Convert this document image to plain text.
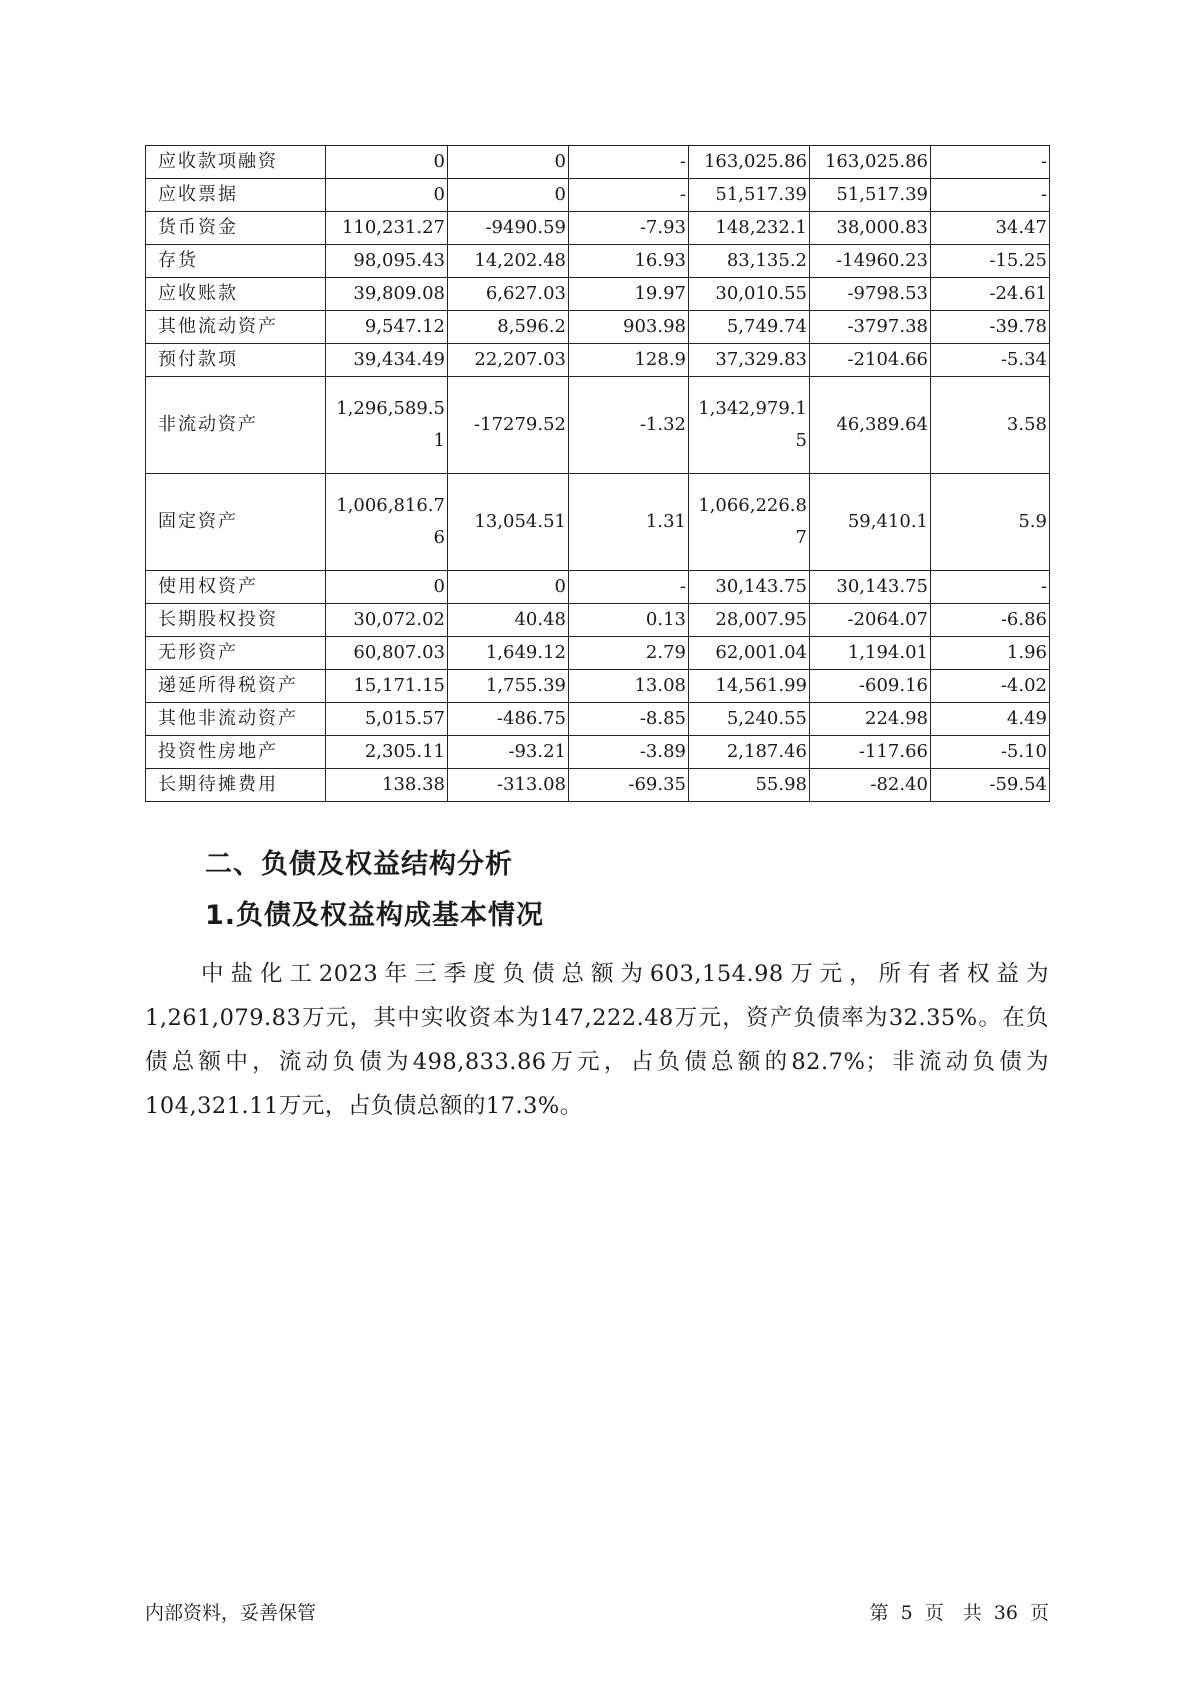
应收款项融资	0	0	-	163,025.86	163,025.86	-
应收票据	0	0	-	51,517.39	51,517.39	-
货币资金	110,231.27	-9490.59	-7.93	148,232.1	38,000.83	34.47
存货	98,095.43	14,202.48	16.93	83,135.2	-14960.23	-15.25
应收账款	39,809.08	6,627.03	19.97	30,010.55	-9798.53	-24.61
其他流动资产	9,547.12	8,596.2	903.98	5,749.74	-3797.38	-39.78
预付款项	39,434.49	22,207.03	128.9	37,329.83	-2104.66	-5.34
非流动资产	1,296,589.51	-17279.52	-1.32	1,342,979.15	46,389.64	3.58
固定资产	1,006,816.76	13,054.51	1.31	1,066,226.87	59,410.1	5.9
使用权资产	0	0	-	30,143.75	30,143.75	-
长期股权投资	30,072.02	40.48	0.13	28,007.95	-2064.07	-6.86
无形资产	60,807.03	1,649.12	2.79	62,001.04	1,194.01	1.96
递延所得税资产	15,171.15	1,755.39	13.08	14,561.99	-609.16	-4.02
其他非流动资产	5,015.57	-486.75	-8.85	5,240.55	224.98	4.49
投资性房地产	2,305.11	-93.21	-3.89	2,187.46	-117.66	-5.10
长期待摊费用	138.38	-313.08	-69.35	55.98	-82.40	-59.54
二、负债及权益结构分析
1.负债及权益构成基本情况

中盐化工2023年三季度负债总额为603,154.98万元，所有者权益为1,261,079.83万元，其中实收资本为147,222.48万元，资产负债率为32.35%。在负债总额中，流动负债为498,833.86万元，占负债总额的82.7%；非流动负债为104,321.11万元，占负债总额的17.3%。

内部资料，妥善保管	第 5 页　共 36 页
